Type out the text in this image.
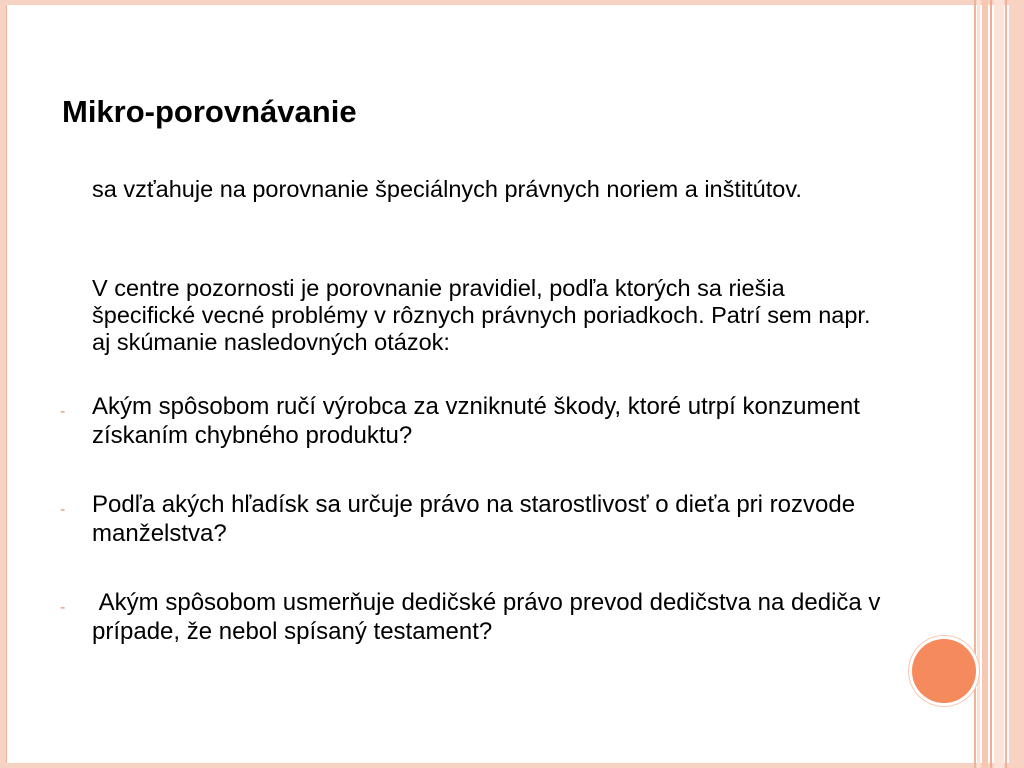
Mikro-porovnávanie

sa vzťahuje na porovnanie špeciálnych právnych noriem a inštitútov.

V centre pozornosti je porovnanie pravidiel, podľa ktorých sa riešia špecifické vecné problémy v rôznych právnych poriadkoch. Patrí sem napr. aj skúmanie nasledovných otázok:

- Akým spôsobom ručí výrobca za vzniknuté škody, ktoré utrpí konzument získaním chybného produktu?

- Podľa akých hľadísk sa určuje právo na starostlivosť o dieťa pri rozvode manželstva?

- Akým spôsobom usmerňuje dedičské právo prevod dedičstva na dediča v prípade, že nebol spísaný testament?
